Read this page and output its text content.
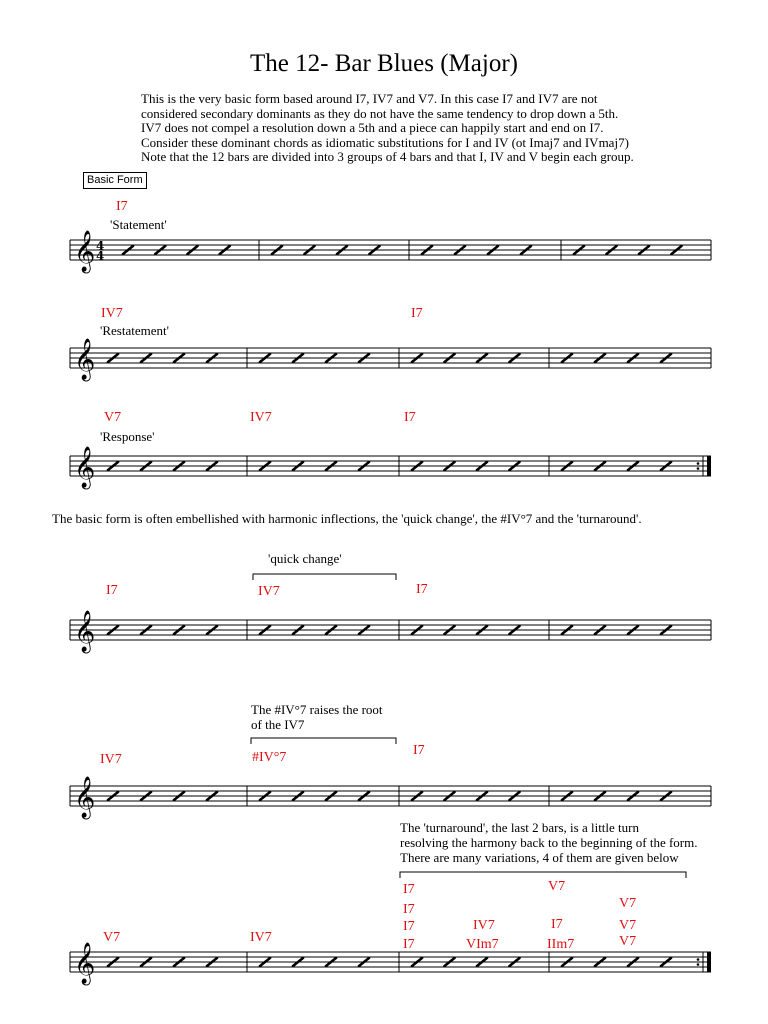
The 12- Bar Blues (Major)
This is the very basic form based around I7, IV7 and V7. In this case I7 and IV7 are not
considered secondary dominants as they do not have the same tendency to drop down a 5th.
IV7 does not compel a resolution down a 5th and a piece can happily start and end on I7.
Consider these dominant chords as idiomatic substitutions for I and IV (ot Imaj7 and IVmaj7)
Note that the 12 bars are divided into 3 groups of 4 bars and that I, IV and V begin each group.
Basic Form
I7
'Statement'
IV7	I7
'Restatement'
V7	IV7	I7
'Response'
The basic form is often embellished with harmonic inflections, the 'quick change', the #IV°7 and the 'turnaround'.
'quick change'
I7	IV7	I7
The #IV°7 raises the root
of the IV7
IV7	#IV°7	I7
The 'turnaround', the last 2 bars, is a little turn
resolving the harmony back to the beginning of the form.
There are many variations, 4 of them are given below
V7	IV7
I7
I7
I7
I7
IV7
VIm7
V7
I7
IIm7
V7
V7
V7
𝄞 4
4
𝄞
𝄞
𝄞
𝄞
𝄞
